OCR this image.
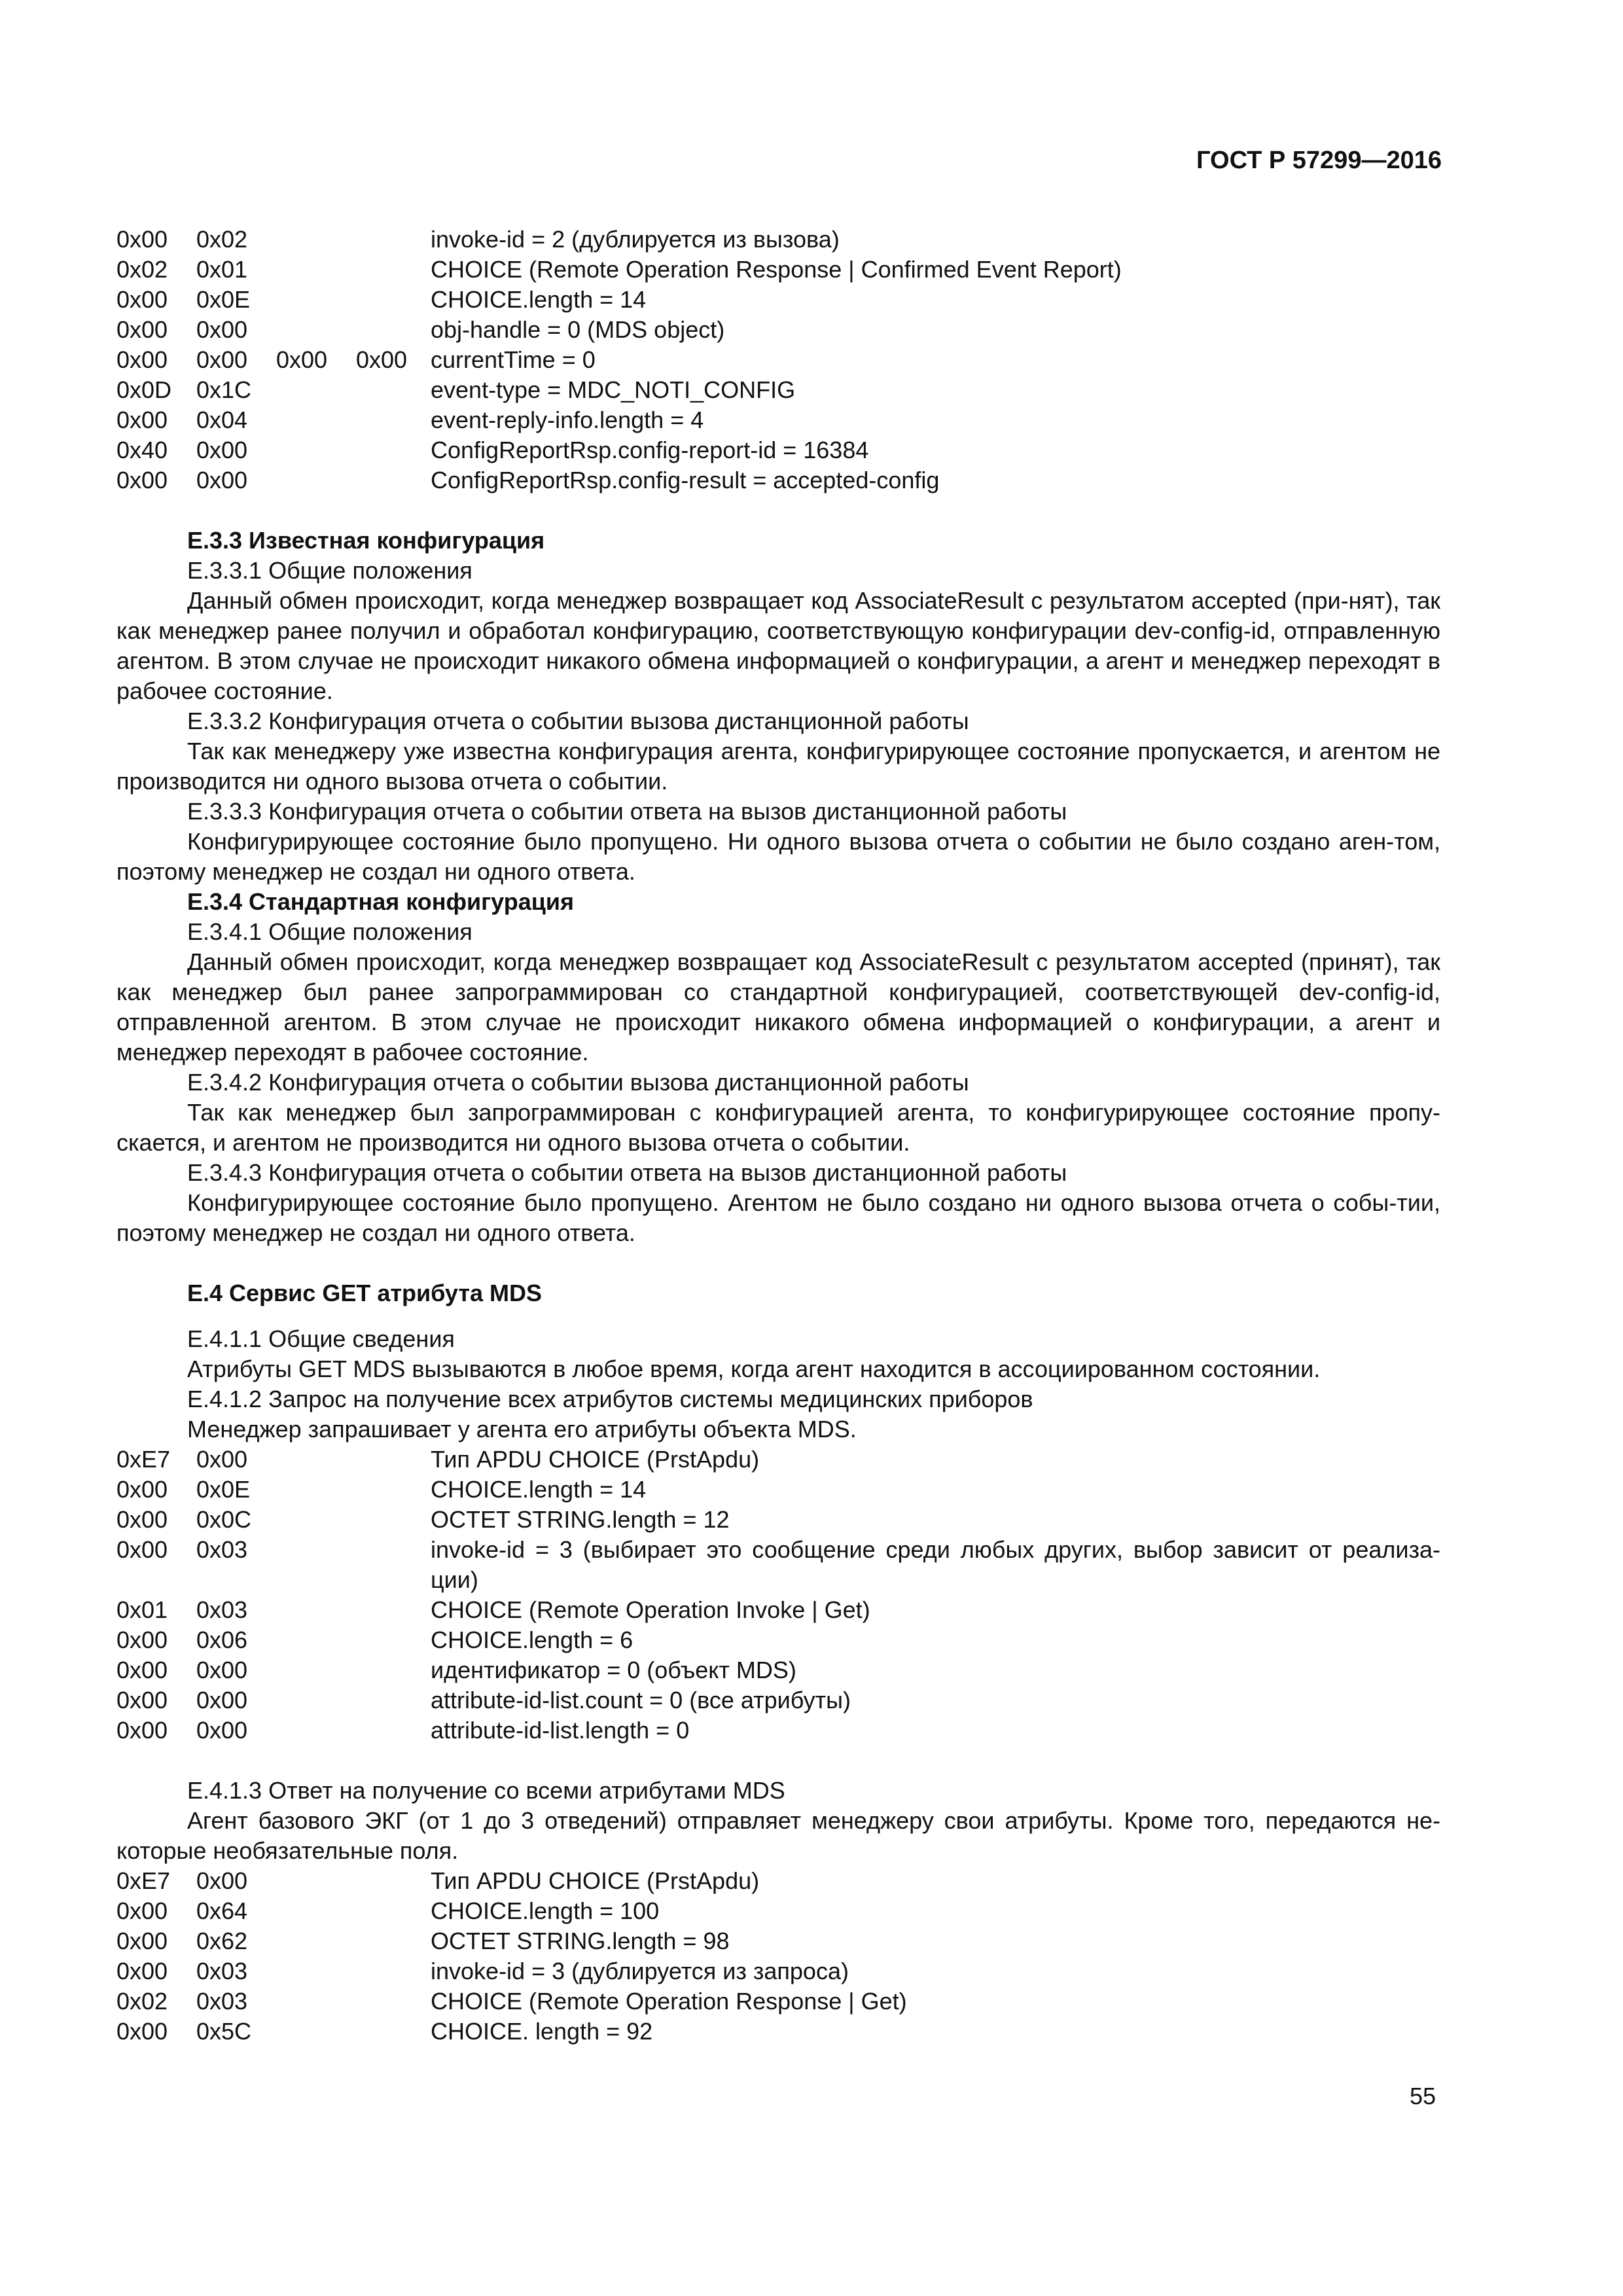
ГОСТ Р 57299—2016
0x00	0x02	invoke-id = 2 (дублируется из вызова)
0x02	0x01	CHOICE (Remote Operation Response | Confirmed Event Report)
0x00	0x0E	CHOICE.length = 14
0x00	0x00	obj-handle = 0 (MDS object)
0x00	0x00	0x00	0x00 currentTime = 0
0x0D	0x1C	event-type = MDC_NOTI_CONFIG
0x00	0x04	event-reply-info.length = 4
0x40	0x00	ConfigReportRsp.config-report-id = 16384
0x00	0x00	ConfigReportRsp.config-result = accepted-config
E.3.3 Известная конфигурация
E.3.3.1 Общие положения
Данный обмен происходит, когда менеджер возвращает код AssociateResult с результатом accepted (при-нят), так как менеджер ранее получил и обработал конфигурацию, соответствующую конфигурации dev-config-id, отправленную агентом. В этом случае не происходит никакого обмена информацией о конфигурации, а агент и менеджер переходят в рабочее состояние.
E.3.3.2 Конфигурация отчета о событии вызова дистанционной работы
Так как менеджеру уже известна конфигурация агента, конфигурирующее состояние пропускается, и агентом не производится ни одного вызова отчета о событии.
E.3.3.3 Конфигурация отчета о событии ответа на вызов дистанционной работы
Конфигурирующее состояние было пропущено. Ни одного вызова отчета о событии не было создано аген-том, поэтому менеджер не создал ни одного ответа.
E.3.4 Стандартная конфигурация
E.3.4.1 Общие положения
Данный обмен происходит, когда менеджер возвращает код AssociateResult с результатом accepted (принят), так как менеджер был ранее запрограммирован со стандартной конфигурацией, соответствующей dev-config-id, отправленной агентом. В этом случае не происходит никакого обмена информацией о конфигурации, а агент и менеджер переходят в рабочее состояние.
E.3.4.2 Конфигурация отчета о событии вызова дистанционной работы
Так как менеджер был запрограммирован с конфигурацией агента, то конфигурирующее состояние пропу-скается, и агентом не производится ни одного вызова отчета о событии.
E.3.4.3 Конфигурация отчета о событии ответа на вызов дистанционной работы
Конфигурирующее состояние было пропущено. Агентом не было создано ни одного вызова отчета о собы-тии, поэтому менеджер не создал ни одного ответа.
E.4 Сервис GET атрибута MDS
E.4.1.1 Общие сведения
Атрибуты GET MDS вызываются в любое время, когда агент находится в ассоциированном состоянии.
E.4.1.2 Запрос на получение всех атрибутов системы медицинских приборов
Менеджер запрашивает у агента его атрибуты объекта MDS.
0xE7	0x00	Тип APDU CHOICE (PrstApdu)
0x00	0x0E	CHOICE.length = 14
0x00	0x0C	OCTET STRING.length = 12
0x00	0x03	invoke-id = 3 (выбирает это сообщение среди любых других, выбор зависит от реализа-ции)
0x01	0x03	CHOICE (Remote Operation Invoke | Get)
0x00	0x06	CHOICE.length = 6
0x00	0x00	идентификатор = 0 (объект MDS)
0x00	0x00	attribute-id-list.count = 0 (все атрибуты)
0x00	0x00	attribute-id-list.length = 0
E.4.1.3 Ответ на получение со всеми атрибутами MDS
Агент базового ЭКГ (от 1 до 3 отведений) отправляет менеджеру свои атрибуты. Кроме того, передаются не-которые необязательные поля.
0xE7	0x00	Тип APDU CHOICE (PrstApdu)
0x00	0x64	CHOICE.length = 100
0x00	0x62	OCTET STRING.length = 98
0x00	0x03	invoke-id = 3 (дублируется из запроса)
0x02	0x03	CHOICE (Remote Operation Response | Get)
0x00	0x5C	CHOICE. length = 92
55
